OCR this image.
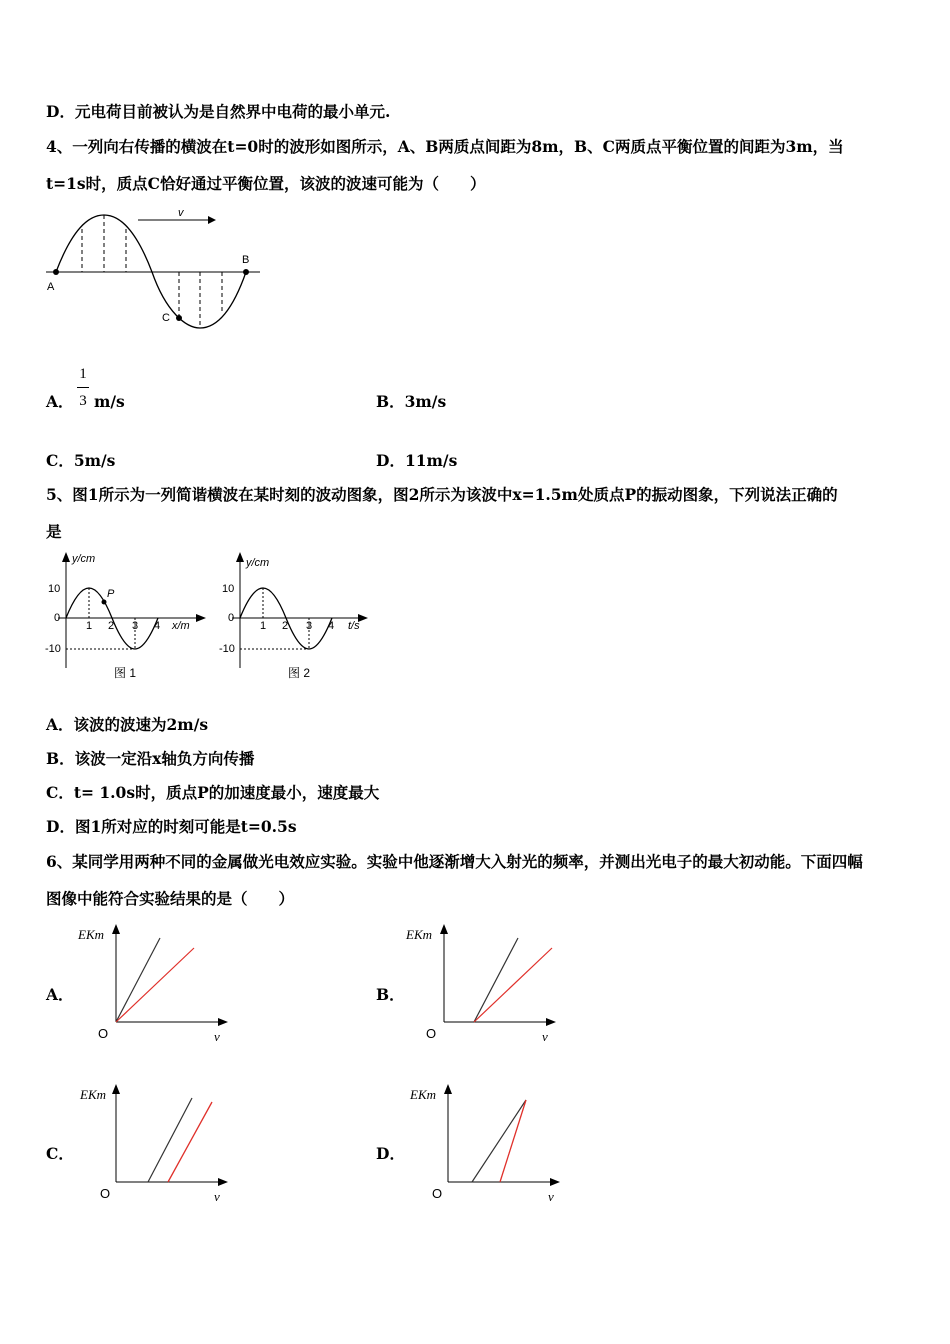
D．元电荷目前被认为是自然界中电荷的最小单元.
4、一列向右传播的横波在t=0时的波形如图所示，A、B两质点间距为8m，B、C两质点平衡位置的间距为3m，当
t=1s时，质点C恰好通过平衡位置，该波的波速可能为（　　）
v
A
B
C
A．
1
3 m/s	B．3m/s
C．5m/s	D．11m/s
5、图1所示为一列简谐横波在某时刻的波动图象，图2所示为该波中x=1.5m处质点P的振动图象，下列说法正确的
是
P
y/cm
x/m
10
0
-10
1 2 3 4
图 1
y/cm
t/s
10
0
-10
1 2 3 4
图 2
A．该波的波速为2m/s
B．该波一定沿x轴负方向传播
C．t= 1.0s时，质点P的加速度最小，速度最大
D．图1所对应的时刻可能是t=0.5s
6、某同学用两种不同的金属做光电效应实验。实验中他逐渐增大入射光的频率，并测出光电子的最大初动能。下面四幅
图像中能符合实验结果的是（　　）
A．	B．
C．	D．
EKm
O	ν
EKm
O	ν
EKm
O	ν
EKm
O	ν
